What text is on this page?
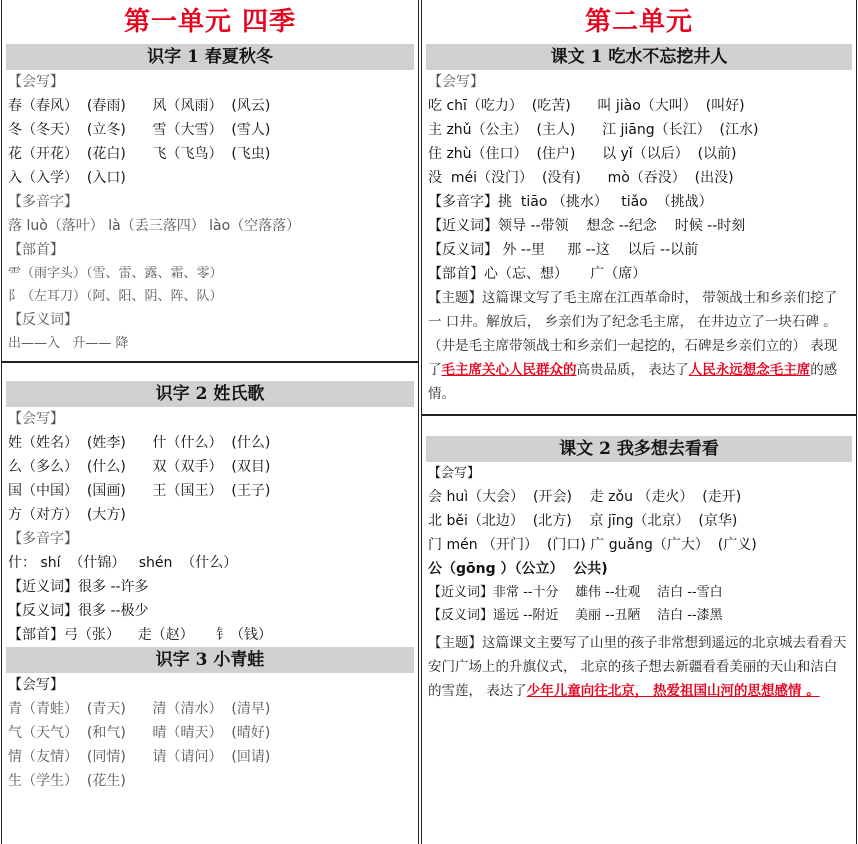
第一单元 四季
识字 1 春夏秋冬
【会写】
春（春风）  (春雨)      风（风雨）  (风云)
冬（冬天）  (立冬)      雪（大雪）  (雪人)
花（开花）  (花白)      飞（飞鸟）  (飞虫)
入（入学）  (入口)
【多音字】
落 luò（落叶） là（丢三落四） lào（空落落）
【部首】
⻗（雨字头）（雪、雷、露、霜、零）
阝（左耳刀）（阿、阳、阴、阵、队）
【反义词】
出——入   升—— 降
识字 2 姓氏歌
【会写】
姓（姓名）  (姓李)      什（什么）  (什么)
么（多么）  (什么)      双（双手）  (双目)
国（中国）  (国画)      王（国王）  (王子)
方（对方）  (大方)
【多音字】
什： shí  （什锦）   shén  （什么）
【近义词】很多 --许多
【反义词】很多 --极少
【部首】弓（张）    走（赵）     钅（钱）
识字 3 小青蛙
【会写】
青（青蛙）  (青天)      清（清水）  (清早)
气（天气）  (和气)      晴（晴天）  (晴好)
情（友情）  (同情)      请（请问）  (回请)
生（学生）  (花生)
第二单元
课文 1 吃水不忘挖井人
【会写】
吃 chī（吃力）  (吃苦)      叫 jiào（大叫）  (叫好)
主 zhǔ（公主）  (主人)      江 jiāng（长江）  (江水)
住 zhù（住口）  (住户)      以 yǐ（以后）  (以前)
没  méi（没门）  (没有)      mò（吞没）  (出没)
【多音字】挑  tiāo （挑水）   tiǎo  （挑战）
【近义词】领导 --带领    想念 --纪念    时候 --时刻
【反义词】 外 --里     那 --这    以后 --以前
【部首】心（忘、想）     广（席）
【主题】这篇课文写了毛主席在江西革命时， 带领战士和乡亲们挖了一 口井。解放后， 乡亲们为了纪念毛主席， 在井边立了一块石碑 。（井是毛主席带领战士和乡亲们一起挖的，石碑是乡亲们立的） 表现了毛主席关心人民群众的高贵品质， 表达了人民永远想念毛主席的感情。
课文 2 我多想去看看
【会写】
会 huì（大会）  (开会)    走 zǒu （走火）  (走开)
北 běi（北边）  (北方)    京 jīng（北京）  (京华)
门 mén （开门）  (门口) 广 guǎng（广大）  (广义)
公（gōng ）（公立）  公共)
【近义词】非常 --十分    雄伟 --壮观    洁白 --雪白
【反义词】遥远 --附近    美丽 --丑陋    洁白 --漆黑
【主题】这篇课文主要写了山里的孩子非常想到遥远的北京城去看看天安门广场上的升旗仪式， 北京的孩子想去新疆看看美丽的天山和洁白的雪莲， 表达了少年儿童向往北京， 热爱祖国山河的思想感情 。
